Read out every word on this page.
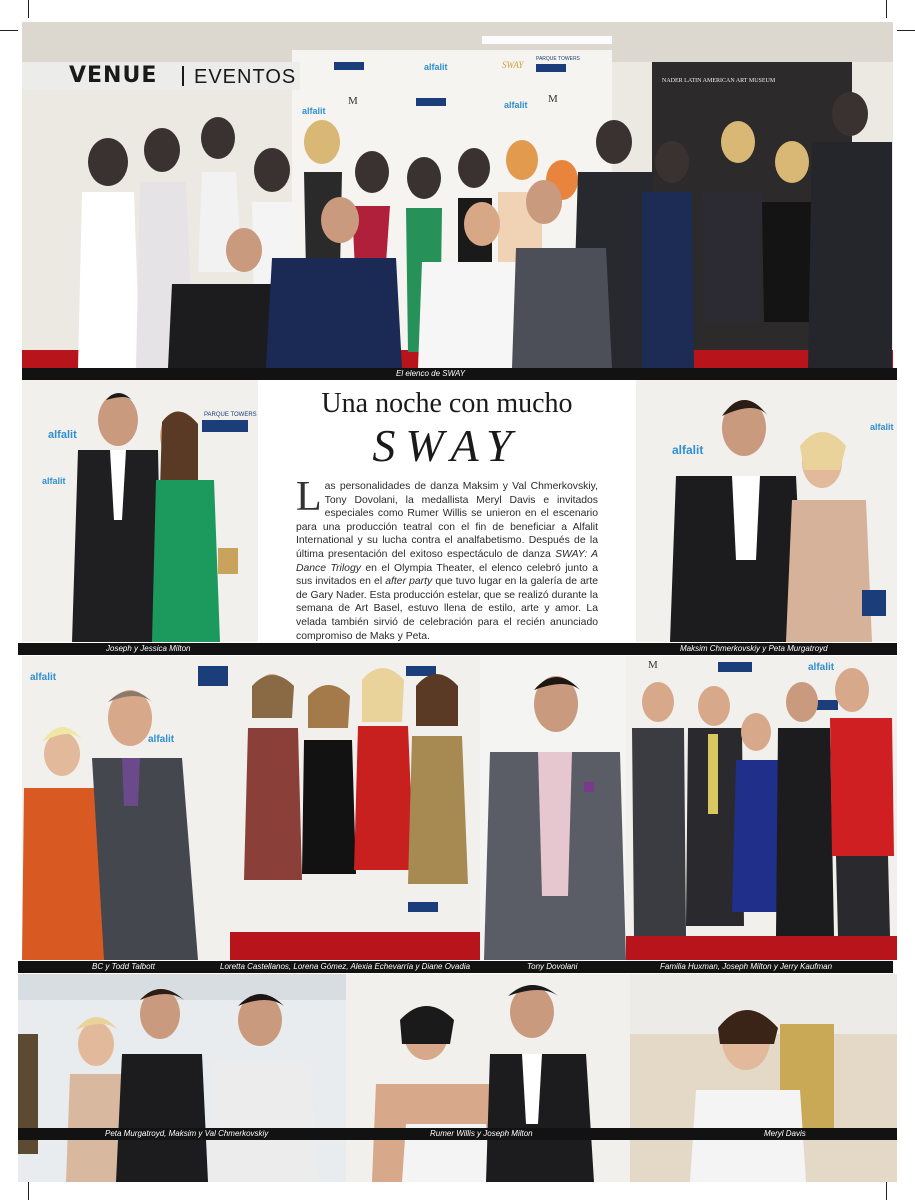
VENUE EVENTOS	alfalit
alfalit
alfalit
PARQUE TOWERS
M
M
SWAY
NADER LATIN AMERICAN ART MUSEUM
El elenco de SWAY
alfalit
alfalit
PARQUE TOWERS	Una noche con mucho
SWAY
Las personalidades de danza Maksim y Val Chmerkovskiy, Tony Dovolani, la medallista Meryl Davis e invitados especiales como Rumer Willis se unieron en el escenario para una producción teatral con el fin de beneficiar a Alfalit International y su lucha contra el analfabetismo. Después de la última presentación del exitoso espectáculo de danza SWAY: A Dance Trilogy en el Olympia Theater, el elenco celebró junto a sus invitados en el after party que tuvo lugar en la galería de arte de Gary Nader. Esta producción estelar, que se realizó durante la semana de Art Basel, estuvo llena de estilo, arte y amor. La velada también sirvió de celebración para el recién anunciado compromiso de Maks y Peta.
alfalit
alfalit
Joseph y Jessica Milton	Maksim Chmerkovskiy y Peta Murgatroyd
alfalit
alfalit
M	alfalit
BC y Todd Talbott	Loretta Castellanos, Lorena Gómez, Alexia Echevarría y Diane Ovadia	Tony Dovolani	Familia Huxman, Joseph Milton y Jerry Kaufman
Peta Murgatroyd, Maksim y Val Chmerkovskiy	Rumer Willis y Joseph Milton	Meryl Davis
